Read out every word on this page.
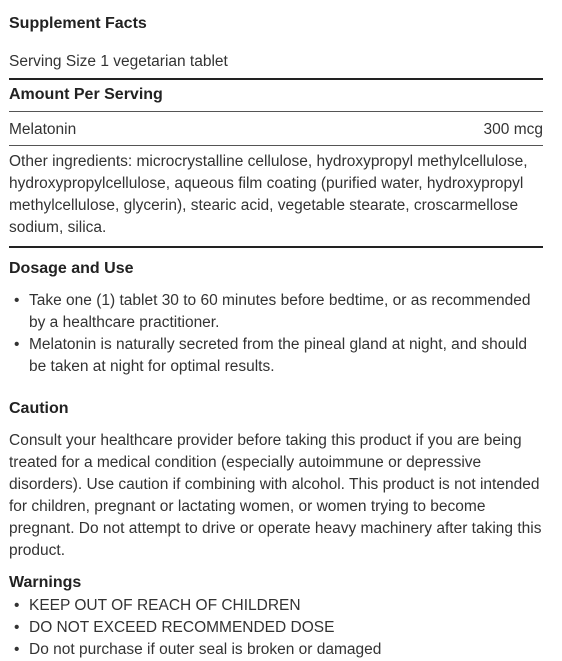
Supplement Facts
Serving Size 1 vegetarian tablet
Amount Per Serving
Melatonin	300 mcg
Other ingredients: microcrystalline cellulose, hydroxypropyl methylcellulose, hydroxypropylcellulose, aqueous film coating (purified water, hydroxypropyl methylcellulose, glycerin), stearic acid, vegetable stearate, croscarmellose sodium, silica.
Dosage and Use
• Take one (1) tablet 30 to 60 minutes before bedtime, or as recommended by a healthcare practitioner.
• Melatonin is naturally secreted from the pineal gland at night, and should be taken at night for optimal results.
Caution
Consult your healthcare provider before taking this product if you are being treated for a medical condition (especially autoimmune or depressive disorders). Use caution if combining with alcohol. This product is not intended for children, pregnant or lactating women, or women trying to become pregnant. Do not attempt to drive or operate heavy machinery after taking this product.
Warnings
• KEEP OUT OF REACH OF CHILDREN
• DO NOT EXCEED RECOMMENDED DOSE
• Do not purchase if outer seal is broken or damaged
